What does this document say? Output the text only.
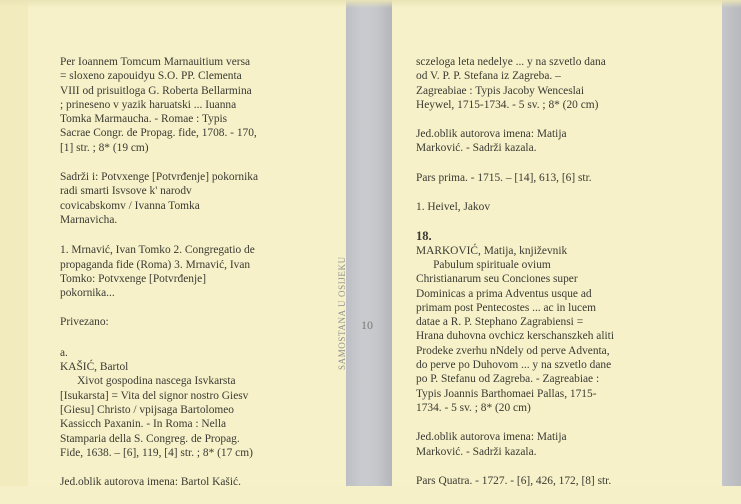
10
SAMOSTANA U OSIJEKU

Per Ioannem Tomcum Marnauitium versa
= sloxeno zapouidyu S.O. PP. Clementa
VIII od prisuitloga G. Roberta Bellarmina
; prineseno v yazik haruatski ... Iuanna
Tomka Marmaucha. - Romae : Typis
Sacrae Congr. de Propag. fide, 1708. - 170,
[1] str. ; 8* (19 cm)

Sadrži i: Potvxenge [Potvrđenje] pokornika
radi smarti Isvsove k' narodv
covicabskomv / Ivanna Tomka
Marnavicha.

1. Mrnavić, Ivan Tomko 2. Congregatio de
propaganda fide (Roma) 3. Mrnavić, Ivan
Tomko: Potvxenge [Potvrđenje]
pokornika...

Privezano:

a.
KAŠIĆ, Bartol
Xivot gospodina nascega Isvkarsta
[Isukarsta] = Vita del signor nostro Giesv
[Giesu] Christo / vpijsaga Bartolomeo
Kassicch Paxanin. - In Roma : Nella
Stamparia della S. Congreg. de Propag.
Fide, 1638. – [6], 119, [4] str. ; 8* (17 cm)

Jed.oblik autorova imena: Bartol Kašić.

sczeloga leta nedelye ... y na szvetlo dana
od V. P. P. Stefana iz Zagreba. –
Zagreabiae : Typis Jacoby Wenceslai
Heywel, 1715-1734. - 5 sv. ; 8* (20 cm)

Jed.oblik autorova imena: Matija
Marković. - Sadrži kazala.

Pars prima. - 1715. – [14], 613, [6] str.

1. Heivel, Jakov

18.
MARKOVIĆ, Matija, književnik
Pabulum spirituale ovium
Christianarum seu Conciones super
Dominicas a prima Adventus usque ad
primam post Pentecostes ... ac in lucem
datae a R. P. Stephano Zagrabiensi =
Hrana duhovna ovchicz kerschanszkeh aliti
Prodeke zverhu nNdely od perve Adventa,
do perve po Duhovom ... y na szvetlo dane
po P. Stefanu od Zagreba. - Zagreabiae :
Typis Joannis Barthomaei Pallas, 1715-
1734. - 5 sv. ; 8* (20 cm)

Jed.oblik autorova imena: Matija
Marković. - Sadrži kazala.

Pars Quatra. - 1727. - [6], 426, 172, [8] str.
